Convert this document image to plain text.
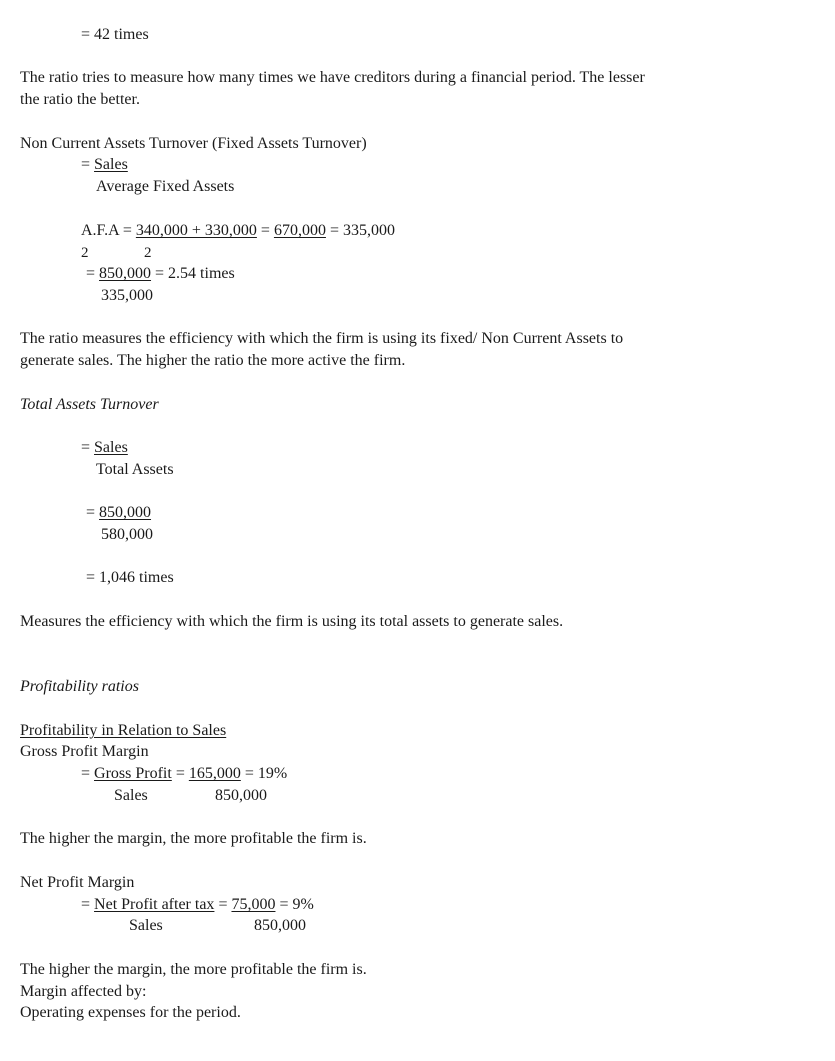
= 42 times
The ratio tries to measure how many times we have creditors during a financial period. The lesser
the ratio the better.
Non Current Assets Turnover (Fixed Assets Turnover)
= Sales
Average Fixed Assets
A.F.A = 340,000 + 330,000 = 670,000 = 335,000
2	2
= 850,000 = 2.54 times
335,000
The ratio measures the efficiency with which the firm is using its fixed/ Non Current Assets to
generate sales. The higher the ratio the more active the firm.
Total Assets Turnover
= Sales
Total Assets
= 850,000
580,000
= 1,046 times
Measures the efficiency with which the firm is using its total assets to generate sales.
Profitability ratios
Profitability in Relation to Sales
Gross Profit Margin
= Gross Profit = 165,000 = 19%
Sales	850,000
The higher the margin, the more profitable the firm is.
Net Profit Margin
= Net Profit after tax = 75,000 = 9%
Sales	850,000
The higher the margin, the more profitable the firm is.
Margin affected by:
Operating expenses for the period.
